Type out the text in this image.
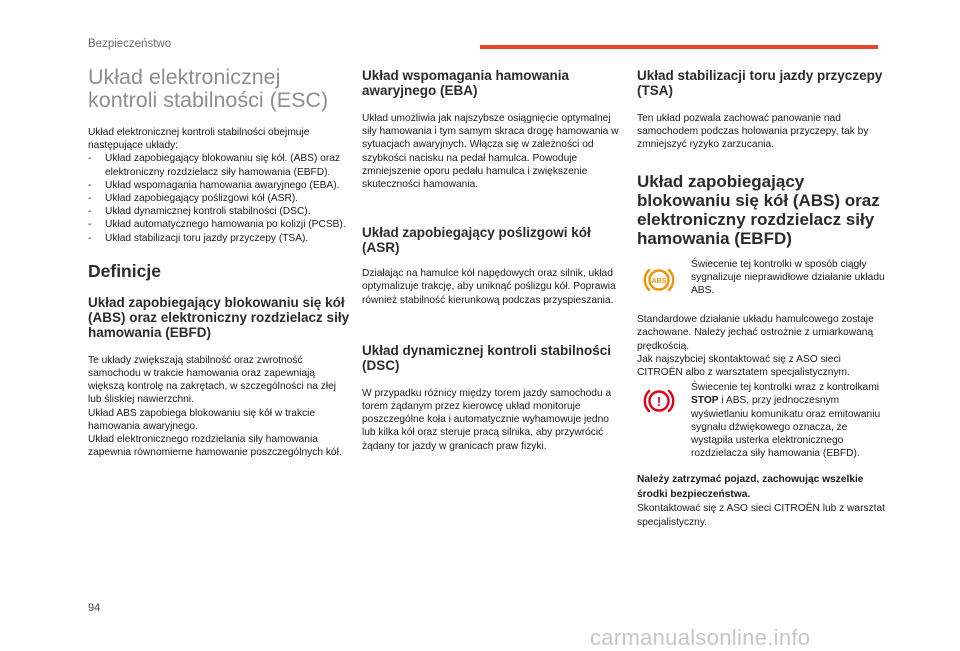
Bezpieczeństwo
Układ elektronicznej kontroli stabilności (ESC)

Układ elektronicznej kontroli stabilności obejmuje następujące układy:

- Układ zapobiegający blokowaniu się kół. (ABS) oraz elektroniczny rozdzielacz siły hamowania (EBFD).
- Układ wspomagania hamowania awaryjnego (EBA).
- Układ zapobiegający poślizgowi kół (ASR).
- Układ dynamicznej kontroli stabilności (DSC).
- Układ automatycznego hamowania po kolizji (PCSB).
- Układ stabilizacji toru jazdy przyczepy (TSA).
Definicje
Układ zapobiegający blokowaniu się kół (ABS) oraz elektroniczny rozdzielacz siły hamowania (EBFD)

Te układy zwiększają stabilność oraz zwrotność samochodu w trakcie hamowania oraz zapewniają większą kontrolę na zakrętach, w szczególności na złej lub śliskiej nawierzchni.

Układ ABS zapobiega blokowaniu się kół w trakcie hamowania awaryjnego.

Układ elektronicznego rozdzielania siły hamowania zapewnia równomierne hamowanie poszczególnych kół.

Układ wspomagania hamowania awaryjnego (EBA)

Układ umożliwia jak najszybsze osiągnięcie optymalnej siły hamowania i tym samym skraca drogę hamowania w sytuacjach awaryjnych. Włącza się w zależności od szybkości nacisku na pedał hamulca. Powoduje zmniejszenie oporu pedału hamulca i zwiększenie skuteczności hamowania.

Układ zapobiegający poślizgowi kół (ASR)

Działając na hamulce kół napędowych oraz silnik, układ optymalizuje trakcję, aby uniknąć poślizgu kół. Poprawia również stabilność kierunkową podczas przyspieszania.

Układ dynamicznej kontroli stabilności (DSC)

W przypadku różnicy między torem jazdy samochodu a torem żądanym przez kierowcę układ monitoruje poszczególne koła i automatycznie wyhamowuje jedno lub kilka kół oraz steruje pracą silnika, aby przywrócić żądany tor jazdy w granicach praw fizyki.

Układ stabilizacji toru jazdy przyczepy (TSA)

Ten układ pozwala zachować panowanie nad samochodem podczas holowania przyczepy, tak by zmniejszyć ryzyko zarzucania.

Układ zapobiegający blokowaniu się kół (ABS) oraz elektroniczny rozdzielacz siły hamowania (EBFD)
ABS

Świecenie tej kontrolki w sposób ciągły sygnalizuje nieprawidłowe działanie układu ABS.

Standardowe działanie układu hamulcowego zostaje zachowane. Należy jechać ostrożnie z umiarkowaną prędkością.

Jak najszybciej skontaktować się z ASO sieci CITROËN albo z warsztatem specjalistycznym.

!

Świecenie tej kontrolki wraz z kontrolkami STOP i ABS, przy jednoczesnym wyświetlaniu komunikatu oraz emitowaniu sygnału dźwiękowego oznacza, że wystąpiła usterka elektronicznego rozdzielacza siły hamowania (EBFD).

Należy zatrzymać pojazd, zachowując wszelkie środki bezpieczeństwa.

Skontaktować się z ASO sieci CITROËN lub z warsztat specjalistyczny.

94
carmanualsonline.info
